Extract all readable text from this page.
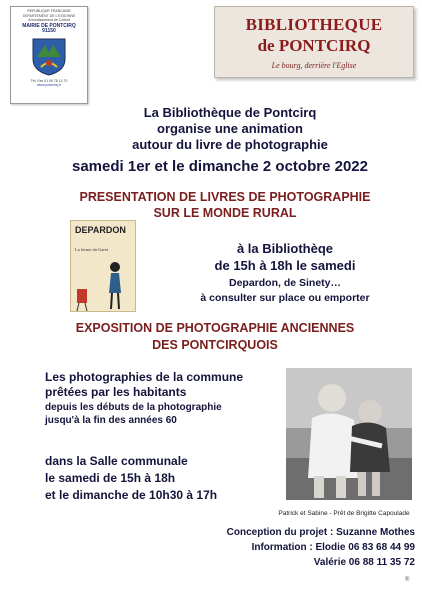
REPUBLIQUE FRANCAISE
DEPARTEMENT DE L'ESSONNE
Arrondissement de Corbeil
MAIRIE DE PONTCIRQ
91150
Tél. Fax 01 69 78 14 70
www.pontcirq.fr
BIBLIOTHEQUE
de PONTCIRQ
Le bourg, derrière l'Eglise
La Bibliothèque de Pontcirq
organise une animation
autour du livre de photographie
samedi 1er et le dimanche 2 octobre 2022
PRESENTATION DE LIVRES DE PHOTOGRAPHIE
SUR LE MONDE RURAL
DEPARDON
La ferme du Garet	à la Bibliothèqe
de 15h à 18h le samedi
Depardon, de Sinety…
à consulter sur place ou emporter
EXPOSITION DE PHOTOGRAPHIE ANCIENNES
DES PONTCIRQUOIS
Les photographies de la commune
prêtées par les habitants
depuis les débuts de la photographie
jusqu'à la fin des années 60
dans la Salle communale
le samedi de 15h à 18h
et le dimanche de 10h30 à 17h
Patrick et Sabine - Prêt de Brigitte Capoulade
Conception du projet : Suzanne Mothes
Information : Elodie 06 83 68 44 99
Valérie 06 88 11 35 72
®
